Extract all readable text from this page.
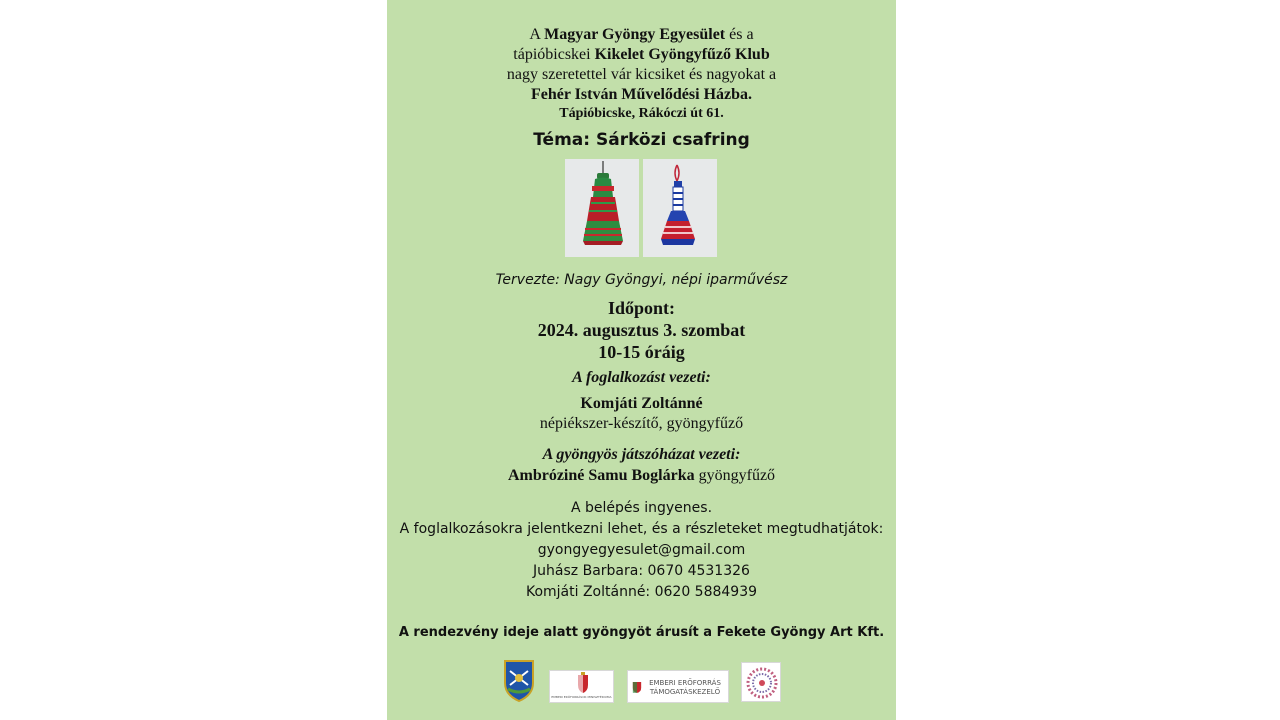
A Magyar Gyöngy Egyesület és a
tápióbicskei Kikelet Gyöngyfűző Klub
nagy szeretettel vár kicsiket és nagyokat a
Fehér István Művelődési Házba.
Tápióbicske, Rákóczi út 61.
Téma: Sárközi csafring
Tervezte: Nagy Gyöngyi, népi iparművész
Időpont:
2024. augusztus 3. szombat
10-15 óráig
A foglalkozást vezeti:
Komjáti Zoltánné
népiékszer-készítő, gyöngyfűző
A gyöngyös játszóházat vezeti:
Ambróziné Samu Boglárka gyöngyfűző
A belépés ingyenes.
A foglalkozásokra jelentkezni lehet, és a részleteket megtudhatjátok:
gyongyegyesulet@gmail.com
Juhász Barbara: 0670 4531326
Komjáti Zoltánné: 0620 5884939
A rendezvény ideje alatt gyöngyöt árusít a Fekete Gyöngy Art Kft.
EMBERI ERŐFORRÁSOK MINISZTÉRIUMA
EMBERI ERŐFORRÁS
TÁMOGATÁSKEZELŐ
